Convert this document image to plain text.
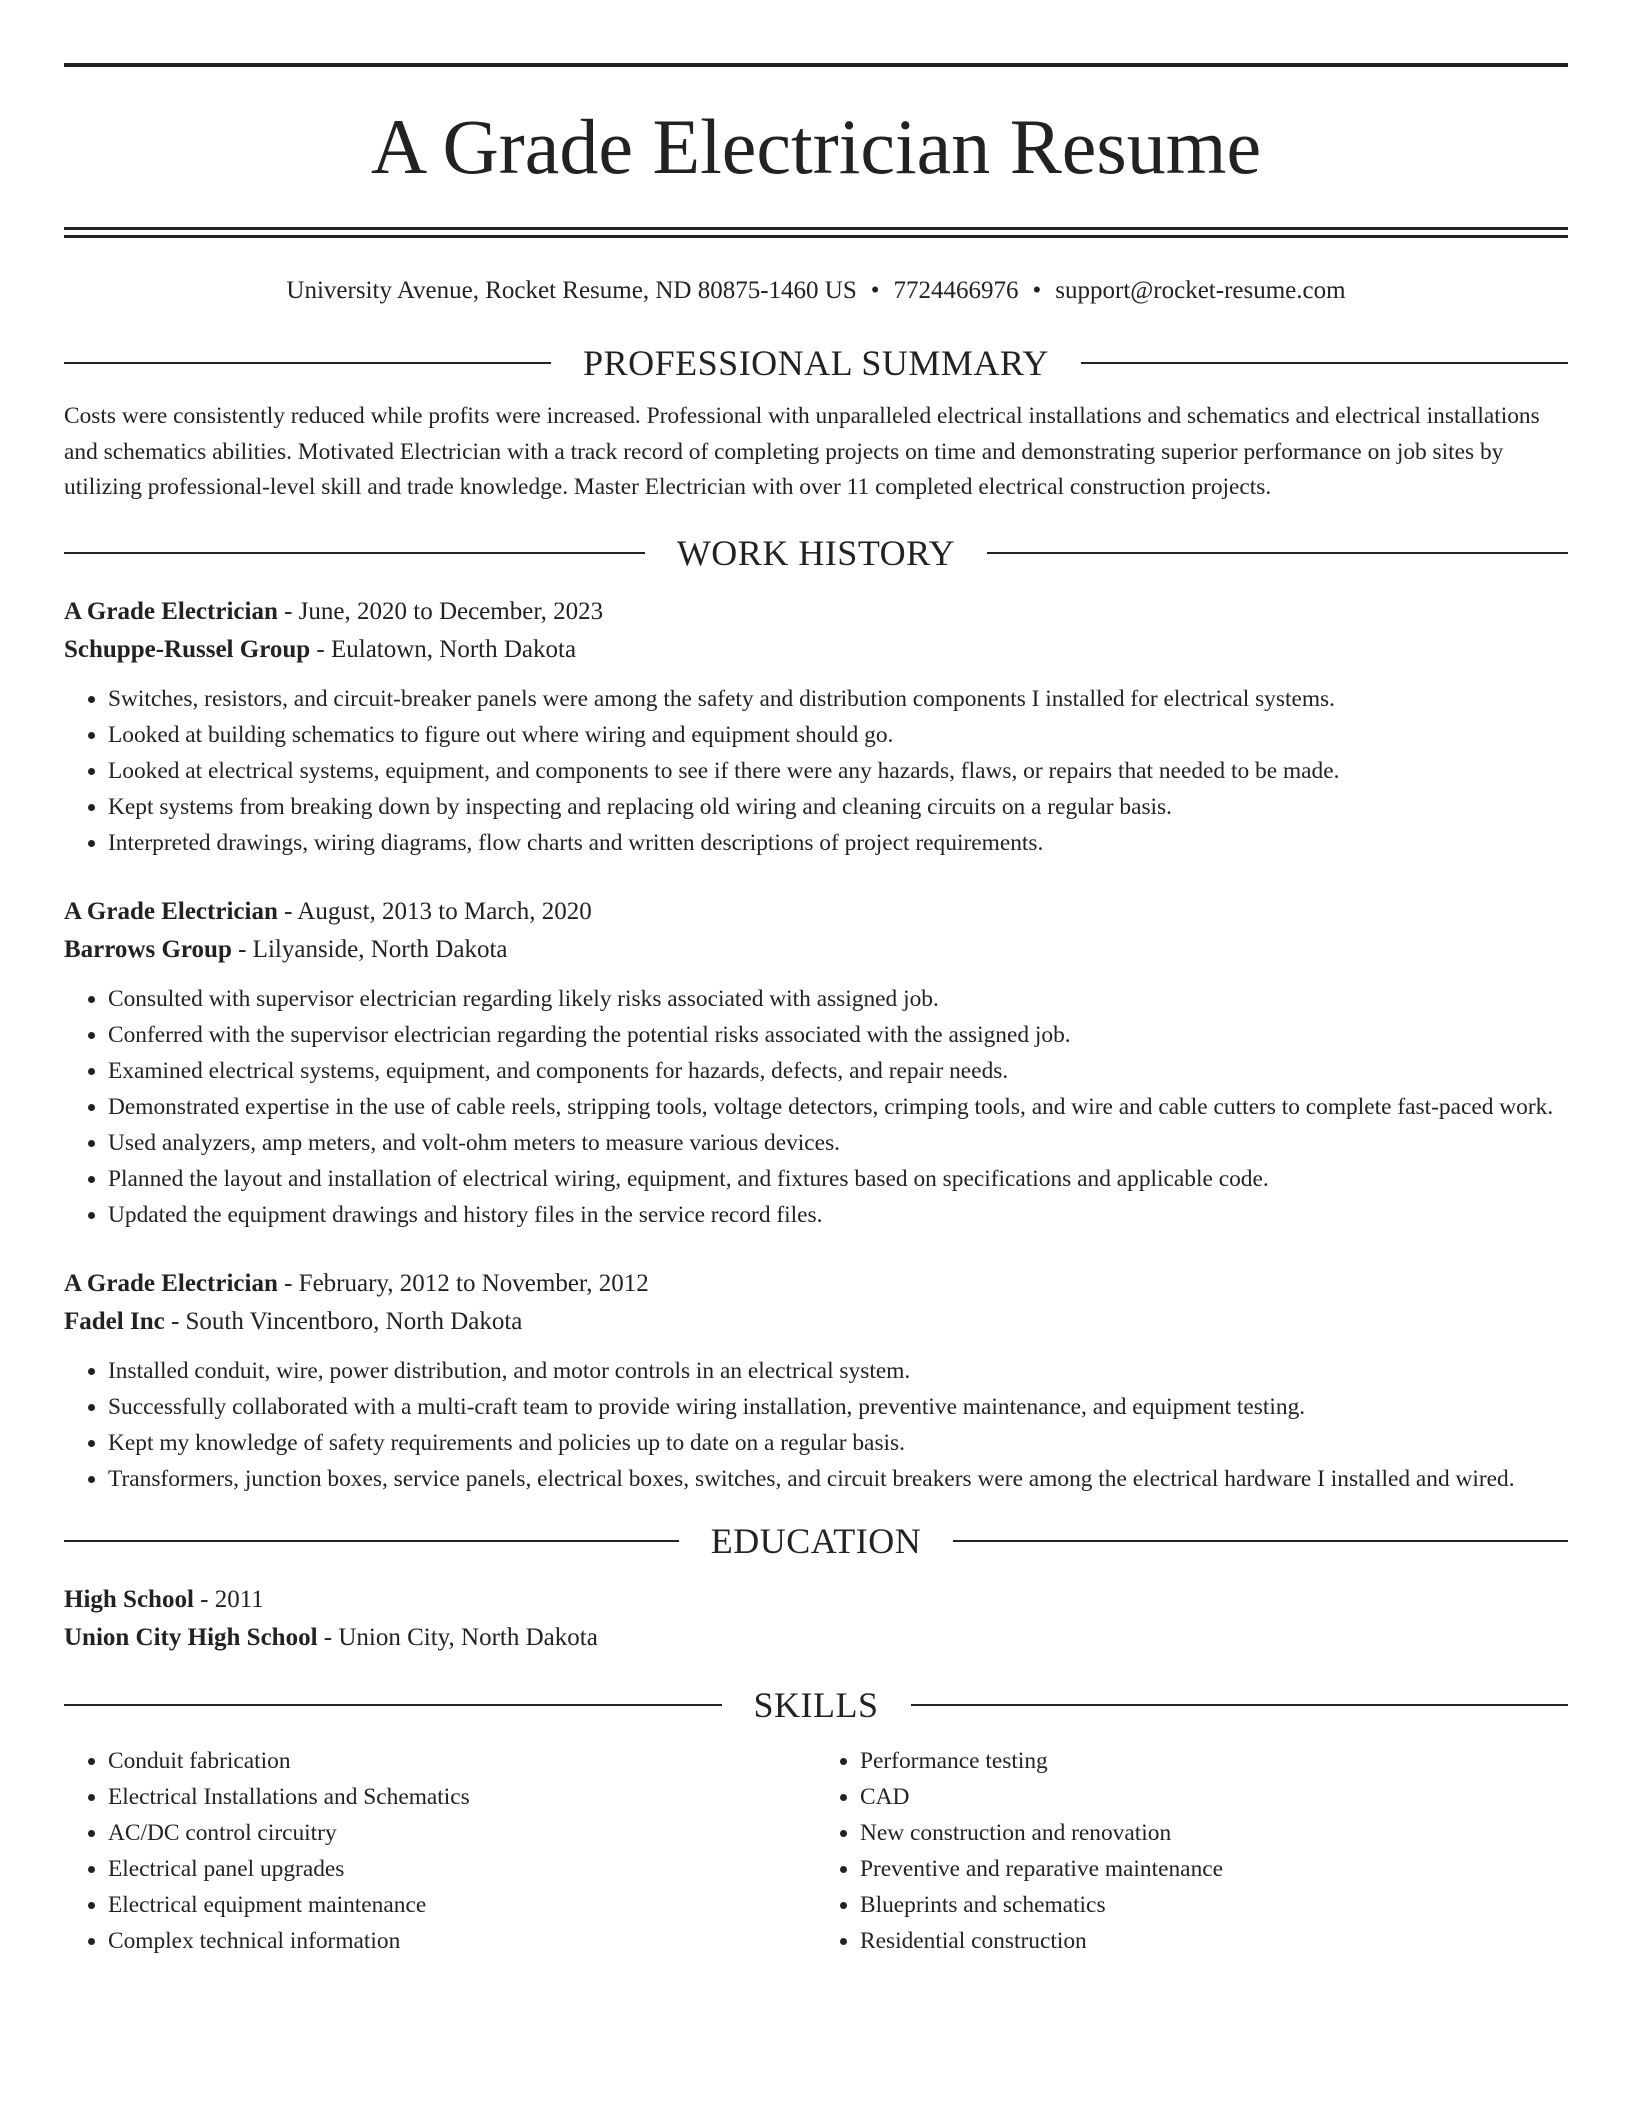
A Grade Electrician Resume
University Avenue, Rocket Resume, ND 80875-1460 US • 7724466976 • support@rocket-resume.com
PROFESSIONAL SUMMARY

Costs were consistently reduced while profits were increased. Professional with unparalleled electrical installations and schematics and electrical installations and schematics abilities. Motivated Electrician with a track record of completing projects on time and demonstrating superior performance on job sites by utilizing professional-level skill and trade knowledge. Master Electrician with over 11 completed electrical construction projects.

WORK HISTORY
A Grade Electrician - June, 2020 to December, 2023
Schuppe-Russel Group - Eulatown, North Dakota
• Switches, resistors, and circuit-breaker panels were among the safety and distribution components I installed for electrical systems.
• Looked at building schematics to figure out where wiring and equipment should go.
• Looked at electrical systems, equipment, and components to see if there were any hazards, flaws, or repairs that needed to be made.
• Kept systems from breaking down by inspecting and replacing old wiring and cleaning circuits on a regular basis.
• Interpreted drawings, wiring diagrams, flow charts and written descriptions of project requirements.
A Grade Electrician - August, 2013 to March, 2020
Barrows Group - Lilyanside, North Dakota
• Consulted with supervisor electrician regarding likely risks associated with assigned job.
• Conferred with the supervisor electrician regarding the potential risks associated with the assigned job.
• Examined electrical systems, equipment, and components for hazards, defects, and repair needs.
• Demonstrated expertise in the use of cable reels, stripping tools, voltage detectors, crimping tools, and wire and cable cutters to complete fast-paced work.
• Used analyzers, amp meters, and volt-ohm meters to measure various devices.
• Planned the layout and installation of electrical wiring, equipment, and fixtures based on specifications and applicable code.
• Updated the equipment drawings and history files in the service record files.
A Grade Electrician - February, 2012 to November, 2012
Fadel Inc - South Vincentboro, North Dakota
• Installed conduit, wire, power distribution, and motor controls in an electrical system.
• Successfully collaborated with a multi-craft team to provide wiring installation, preventive maintenance, and equipment testing.
• Kept my knowledge of safety requirements and policies up to date on a regular basis.
• Transformers, junction boxes, service panels, electrical boxes, switches, and circuit breakers were among the electrical hardware I installed and wired.
EDUCATION
High School - 2011
Union City High School - Union City, North Dakota
SKILLS
• Conduit fabrication
• Electrical Installations and Schematics
• AC/DC control circuitry
• Electrical panel upgrades
• Electrical equipment maintenance
• Complex technical information
• Performance testing
• CAD
• New construction and renovation
• Preventive and reparative maintenance
• Blueprints and schematics
• Residential construction
